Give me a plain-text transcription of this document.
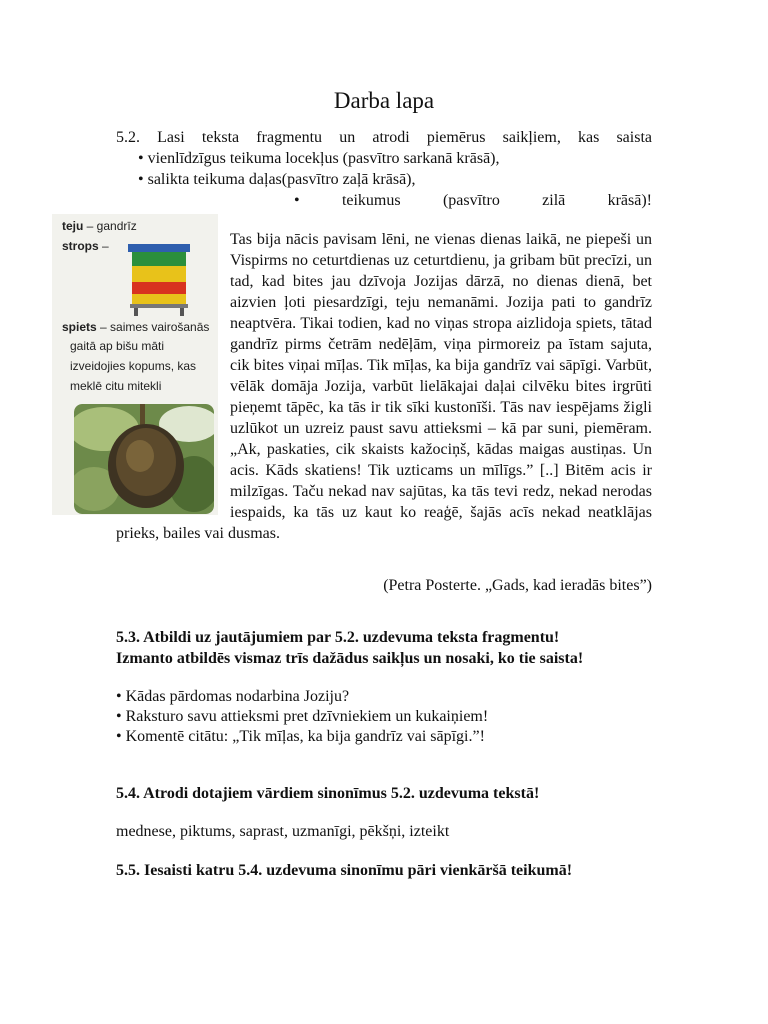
Darba lapa
5.2. Lasi teksta fragmentu un atrodi piemērus saikļiem, kas saista
• vienlīdzīgus teikuma locekļus (pasvītro sarkanā krāsā),
• salikta teikuma daļas(pasvītro zaļā krāsā),
•	teikumus	(pasvītro	zilā	krāsā)!
teju – gandrīz
strops –
spiets – saimes vairošanās
gaitā ap bišu māti
izveidojies kopums, kas
meklē citu mitekli
Tas bija nācis pavisam lēni, ne vienas dienas laikā, ne piepeši un Vispirms no ceturtdienas uz ceturtdienu, ja gribam būt precīzi, un tad, kad bites jau dzīvoja Jozijas dārzā, no dienas dienā, bet aizvien ļoti piesardzīgi, teju nemanāmi. Jozija pati to gandrīz neaptvēra. Tikai todien, kad no viņas stropa aizlidoja spiets, tātad gandrīz pirms četrām nedēļām, viņa pirmoreiz pa īstam sajuta, cik bites viņai mīļas. Tik mīļas, ka bija gandrīz vai sāpīgi. Varbūt, vēlāk domāja Jozija, varbūt lielākajai daļai cilvēku bites irgrūti pieņemt tāpēc, ka tās ir tik sīki kustonīši. Tās nav iespējams žigli uzlūkot un uzreiz paust savu attieksmi – kā par suni, piemēram. „Ak, paskaties, cik skaists kažociņš, kādas maigas austiņas. Un acis. Kāds skatiens! Tik uzticams un mīlīgs.” [..] Bitēm acis ir milzīgas. Taču nekad nav sajūtas, ka tās tevi redz, nekad nerodas iespaids, ka tās uz kaut ko reaģē, šajās acīs nekad neatklājas prieks, bailes vai dusmas.
(Petra Posterte. „Gads, kad ieradās bites”)
5.3. Atbildi uz jautājumiem par 5.2. uzdevuma teksta fragmentu!
Izmanto atbildēs vismaz trīs dažādus saikļus un nosaki, ko tie saista!
• Kādas pārdomas nodarbina Joziju?
• Raksturo savu attieksmi pret dzīvniekiem un kukaiņiem!
• Komentē citātu: „Tik mīļas, ka bija gandrīz vai sāpīgi.”!
5.4. Atrodi dotajiem vārdiem sinonīmus 5.2. uzdevuma tekstā!
mednese, piktums, saprast, uzmanīgi, pēkšņi, izteikt
5.5. Iesaisti katru 5.4. uzdevuma sinonīmu pāri vienkāršā teikumā!
